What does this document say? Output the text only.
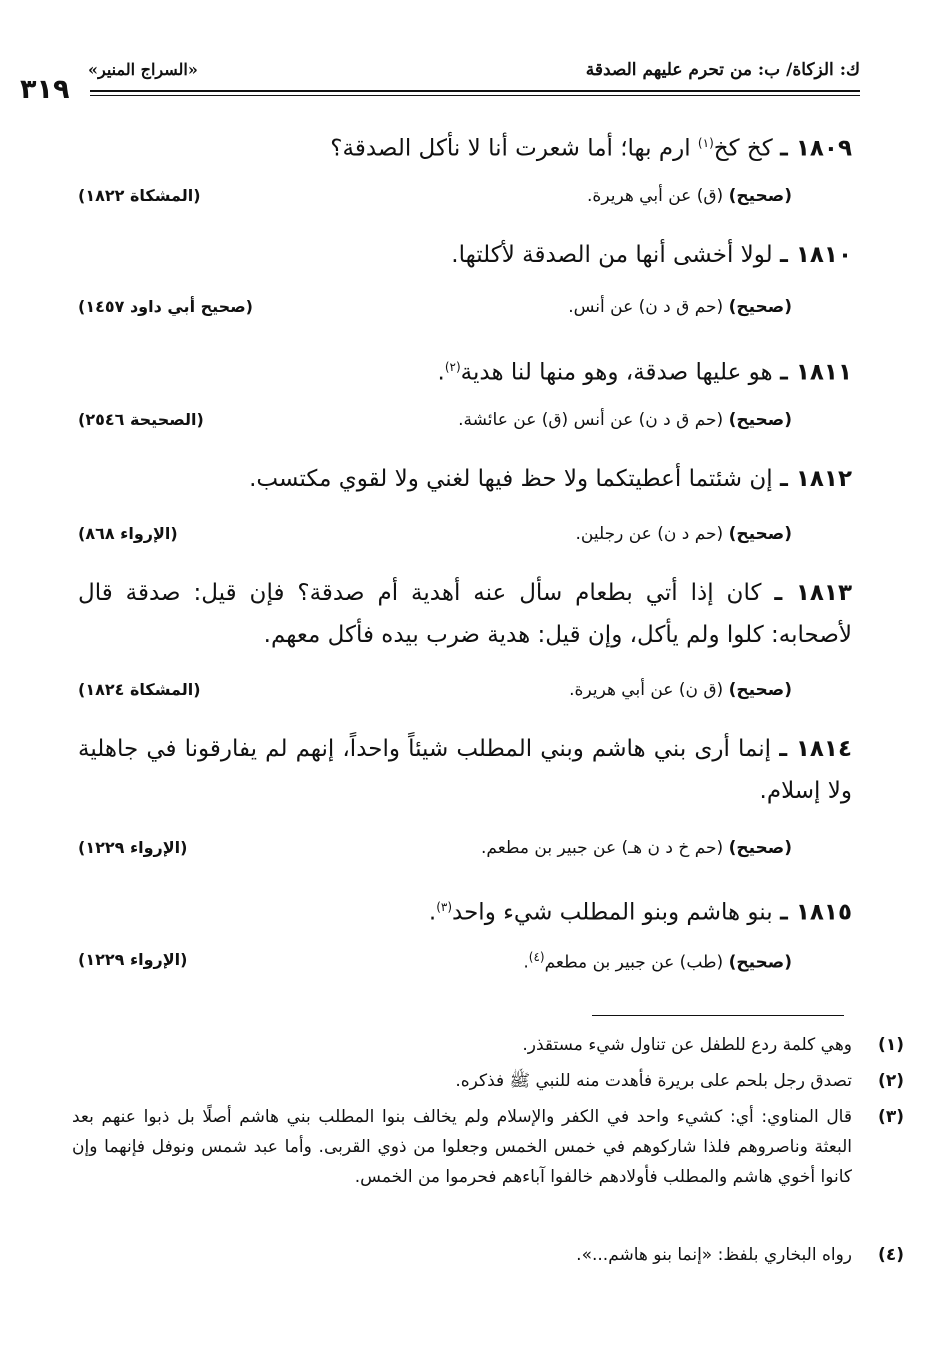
٣١٩
«السراج المنير»	ك: الزكاة/ ب: من تحرم عليهم الصدقة
١٨٠٩ ـ كخ كخ$^{(١)}$ ارم بها؛ أما شعرت أنا لا نأكل الصدقة؟
(صحيح) (ق) عن أبي هريرة.
(المشكاة ١٨٢٢)
١٨١٠ ـ لولا أخشى أنها من الصدقة لأكلتها.
(صحيح) (حم ق د ن) عن أنس.
(صحيح أبي داود ١٤٥٧)
١٨١١ ـ هو عليها صدقة، وهو منها لنا هدية$^{(٢)}$.
(صحيح) (حم ق د ن) عن أنس (ق) عن عائشة.
(الصحيحة ٢٥٤٦)
١٨١٢ ـ إن شئتما أعطيتكما ولا حظ فيها لغني ولا لقوي مكتسب.
(صحيح) (حم د ن) عن رجلين.
(الإرواء ٨٦٨)
١٨١٣ ـ كان إذا أتي بطعام سأل عنه أهدية أم صدقة؟ فإن قيل: صدقة قال لأصحابه: كلوا ولم يأكل، وإن قيل: هدية ضرب بيده فأكل معهم.
(صحيح) (ق ن) عن أبي هريرة.
(المشكاة ١٨٢٤)
١٨١٤ ـ إنما أرى بني هاشم وبني المطلب شيئاً واحداً، إنهم لم يفارقونا في جاهلية ولا إسلام.
(صحيح) (حم خ د ن هـ) عن جبير بن مطعم.
(الإرواء ١٢٢٩)
١٨١٥ ـ بنو هاشم وبنو المطلب شيء واحد$^{(٣)}$.
(صحيح) (طب) عن جبير بن مطعم$^{(٤)}$.
(الإرواء ١٢٢٩)
(١)
وهي كلمة ردع للطفل عن تناول شيء مستقذر.
(٢)
تصدق رجل بلحم على بريرة فأهدت منه للنبي ﷺ فذكره.
(٣)
قال المناوي: أي: كشيء واحد في الكفر والإسلام ولم يخالف بنوا المطلب بني هاشم أصلًا بل ذبوا عنهم بعد البعثة وناصروهم فلذا شاركوهم في خمس الخمس وجعلوا من ذوي القربى. وأما عبد شمس ونوفل فإنهما وإن كانوا أخوي هاشم والمطلب فأولادهم خالفوا آباءهم فحرموا من الخمس.
(٤)
رواه البخاري بلفظ: «إنما بنو هاشم...».
